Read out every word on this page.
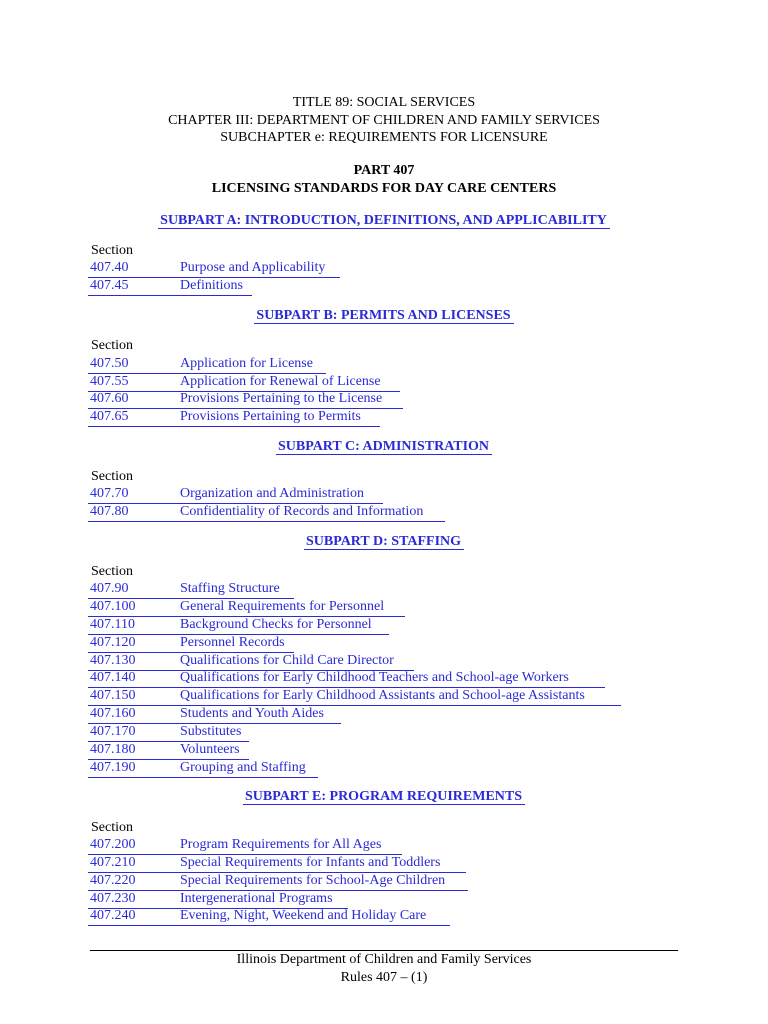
TITLE 89: SOCIAL SERVICES
CHAPTER III: DEPARTMENT OF CHILDREN AND FAMILY SERVICES
SUBCHAPTER e: REQUIREMENTS FOR LICENSURE
PART 407
LICENSING STANDARDS FOR DAY CARE CENTERS
SUBPART A: INTRODUCTION, DEFINITIONS, AND APPLICABILITY
Section
407.40	Purpose and Applicability
407.45	Definitions
SUBPART B: PERMITS AND LICENSES
Section
407.50	Application for License
407.55	Application for Renewal of License
407.60	Provisions Pertaining to the License
407.65	Provisions Pertaining to Permits
SUBPART C: ADMINISTRATION
Section
407.70	Organization and Administration
407.80	Confidentiality of Records and Information
SUBPART D: STAFFING
Section
407.90	Staffing Structure
407.100	General Requirements for Personnel
407.110	Background Checks for Personnel
407.120	Personnel Records
407.130	Qualifications for Child Care Director
407.140	Qualifications for Early Childhood Teachers and School-age Workers
407.150	Qualifications for Early Childhood Assistants and School-age Assistants
407.160	Students and Youth Aides
407.170	Substitutes
407.180	Volunteers
407.190	Grouping and Staffing
SUBPART E: PROGRAM REQUIREMENTS
Section
407.200	Program Requirements for All Ages
407.210	Special Requirements for Infants and Toddlers
407.220	Special Requirements for School-Age Children
407.230	Intergenerational Programs
407.240	Evening, Night, Weekend and Holiday Care
Illinois Department of Children and Family Services
Rules 407 – (1)
